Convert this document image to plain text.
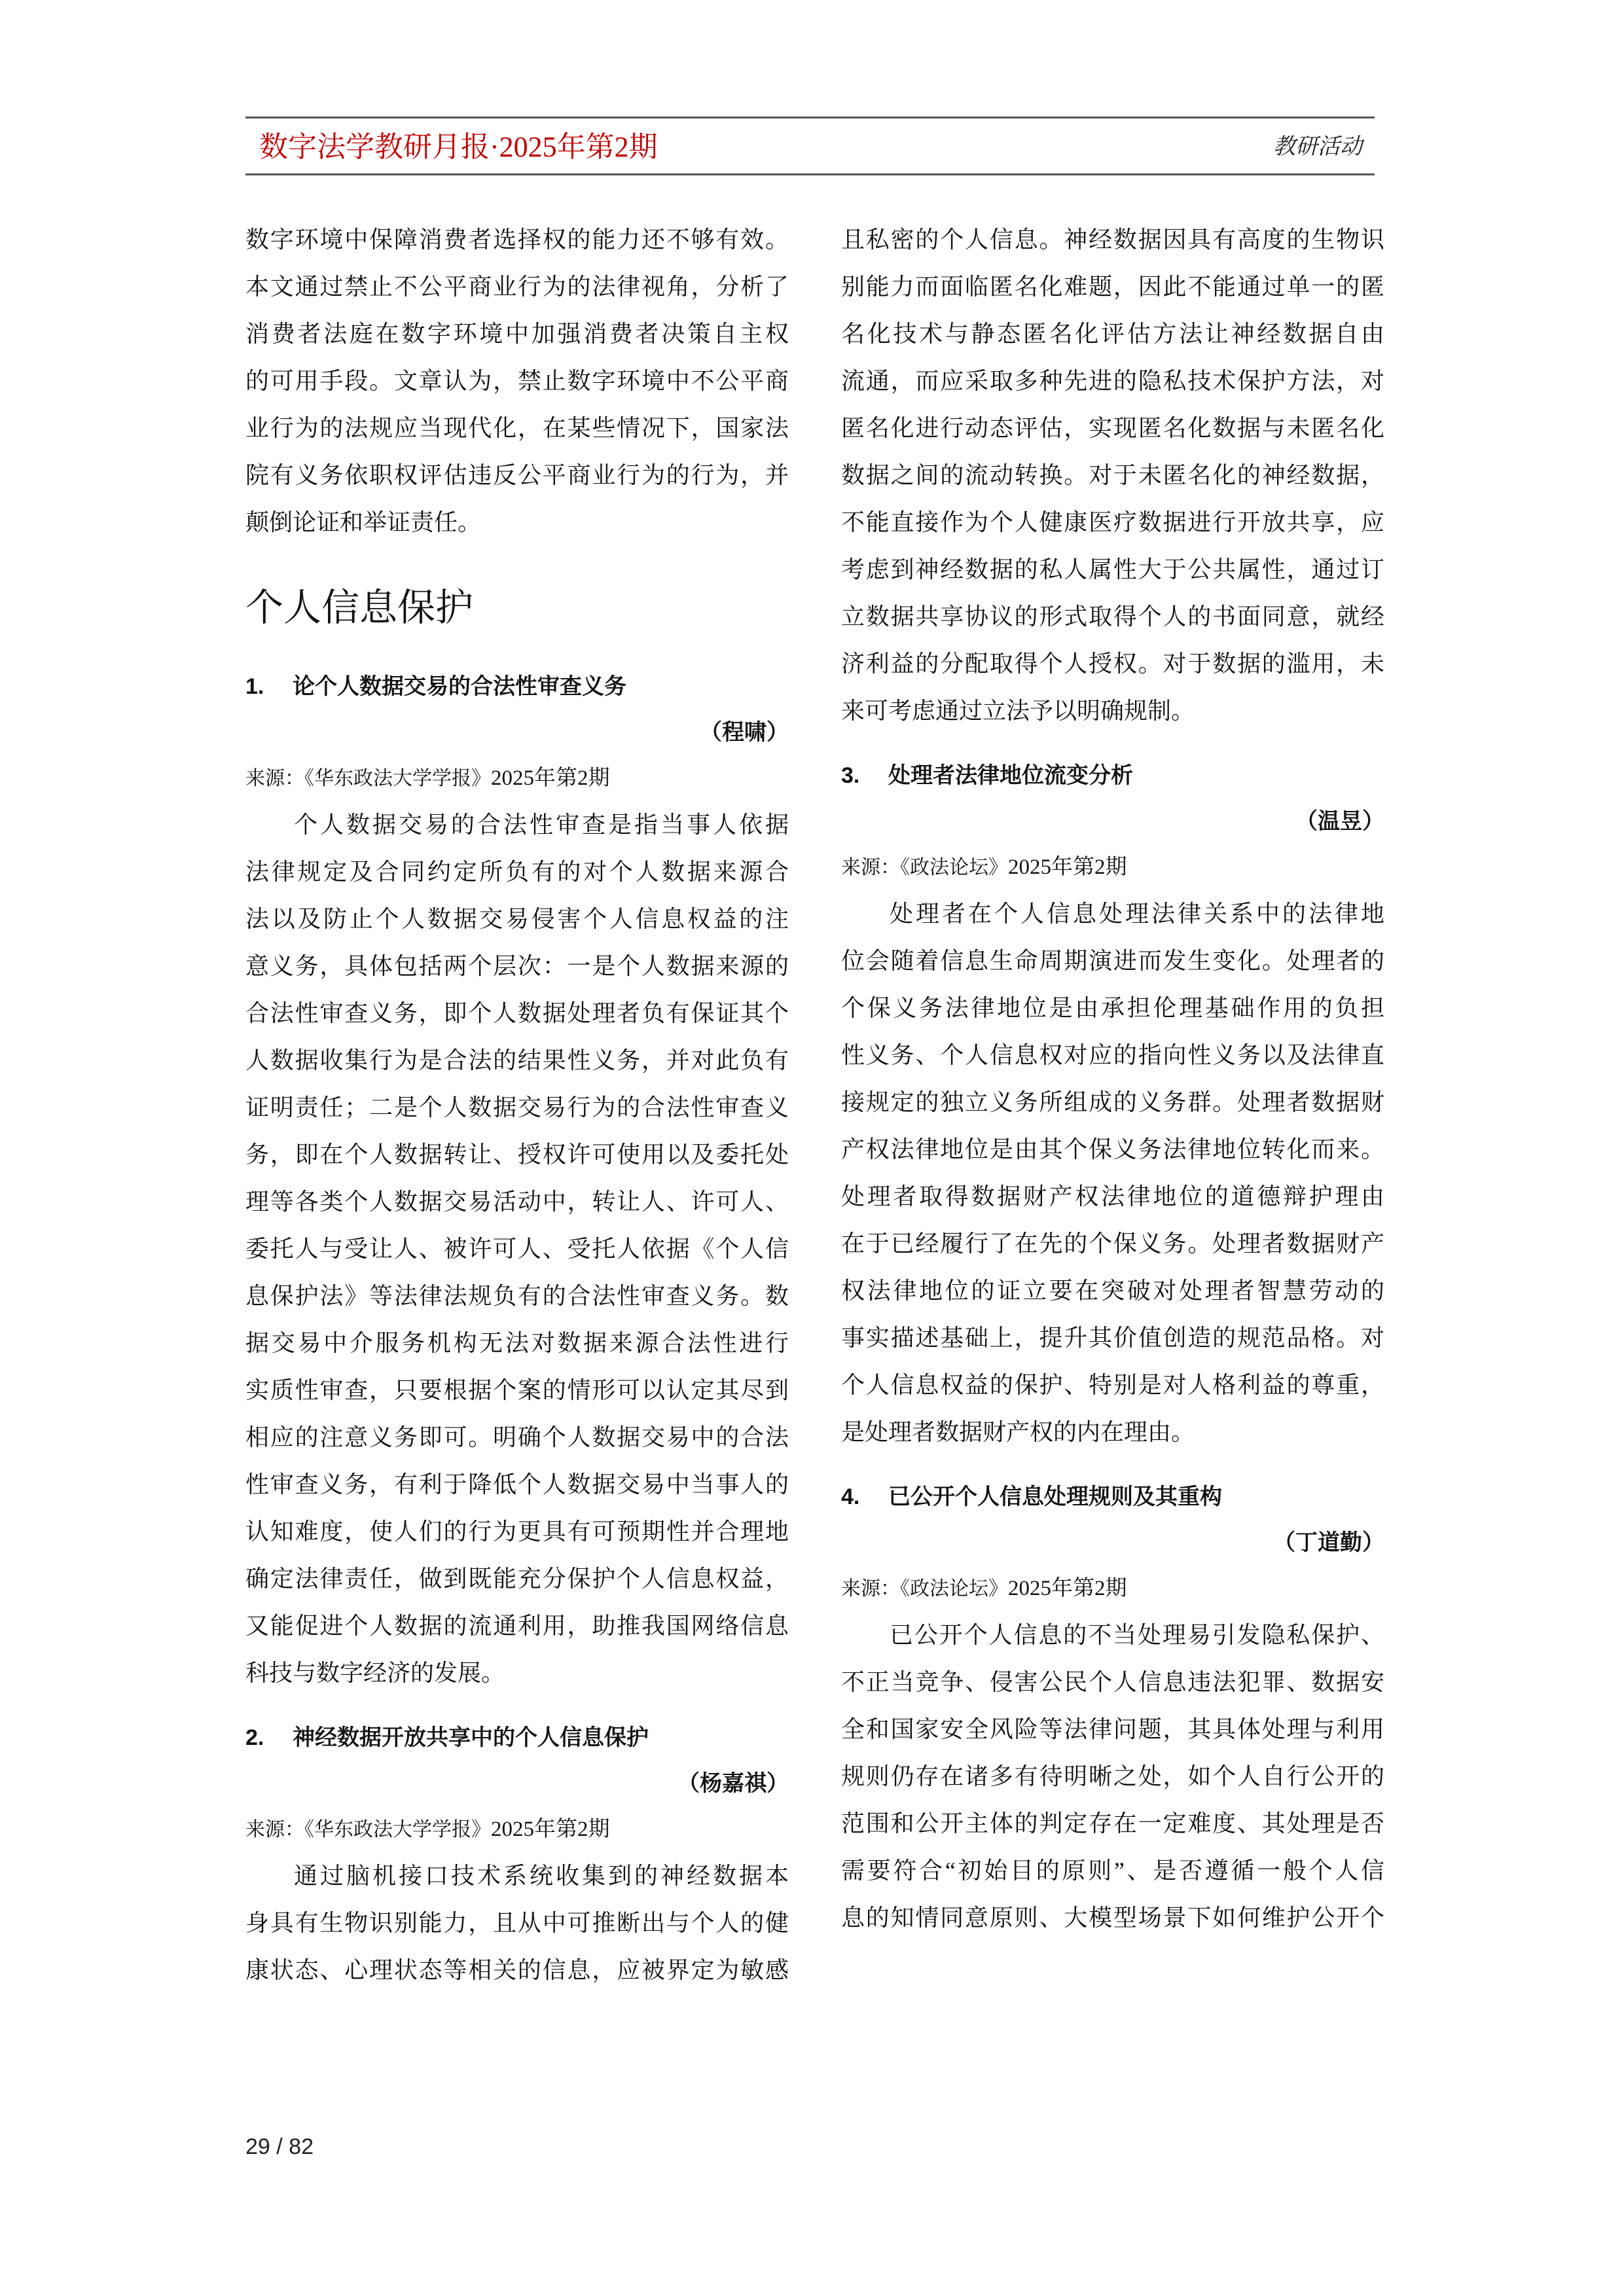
数字法学教研月报·2025年第2期	教研活动
数字环境中保障消费者选择权的能力还不够有效。
本文通过禁止不公平商业行为的法律视角，分析了
消费者法庭在数字环境中加强消费者决策自主权
的可用手段。文章认为，禁止数字环境中不公平商
业行为的法规应当现代化，在某些情况下，国家法
院有义务依职权评估违反公平商业行为的行为，并
颠倒论证和举证责任。
个人信息保护
1. 论个人数据交易的合法性审查义务
（程啸）
来源：《华东政法大学学报》2025年第2期
个人数据交易的合法性审查是指当事人依据
法律规定及合同约定所负有的对个人数据来源合
法以及防止个人数据交易侵害个人信息权益的注
意义务，具体包括两个层次：一是个人数据来源的
合法性审查义务，即个人数据处理者负有保证其个
人数据收集行为是合法的结果性义务，并对此负有
证明责任；二是个人数据交易行为的合法性审查义
务，即在个人数据转让、授权许可使用以及委托处
理等各类个人数据交易活动中，转让人、许可人、
委托人与受让人、被许可人、受托人依据《个人信
息保护法》等法律法规负有的合法性审查义务。数
据交易中介服务机构无法对数据来源合法性进行
实质性审查，只要根据个案的情形可以认定其尽到
相应的注意义务即可。明确个人数据交易中的合法
性审查义务，有利于降低个人数据交易中当事人的
认知难度，使人们的行为更具有可预期性并合理地
确定法律责任，做到既能充分保护个人信息权益，
又能促进个人数据的流通利用，助推我国网络信息
科技与数字经济的发展。
2. 神经数据开放共享中的个人信息保护
（杨嘉祺）
来源：《华东政法大学学报》2025年第2期
通过脑机接口技术系统收集到的神经数据本
身具有生物识别能力，且从中可推断出与个人的健
康状态、心理状态等相关的信息，应被界定为敏感
且私密的个人信息。神经数据因具有高度的生物识
别能力而面临匿名化难题，因此不能通过单一的匿
名化技术与静态匿名化评估方法让神经数据自由
流通，而应采取多种先进的隐私技术保护方法，对
匿名化进行动态评估，实现匿名化数据与未匿名化
数据之间的流动转换。对于未匿名化的神经数据，
不能直接作为个人健康医疗数据进行开放共享，应
考虑到神经数据的私人属性大于公共属性，通过订
立数据共享协议的形式取得个人的书面同意，就经
济利益的分配取得个人授权。对于数据的滥用，未
来可考虑通过立法予以明确规制。
3. 处理者法律地位流变分析
（温昱）
来源：《政法论坛》2025年第2期
处理者在个人信息处理法律关系中的法律地
位会随着信息生命周期演进而发生变化。处理者的
个保义务法律地位是由承担伦理基础作用的负担
性义务、个人信息权对应的指向性义务以及法律直
接规定的独立义务所组成的义务群。处理者数据财
产权法律地位是由其个保义务法律地位转化而来。
处理者取得数据财产权法律地位的道德辩护理由
在于已经履行了在先的个保义务。处理者数据财产
权法律地位的证立要在突破对处理者智慧劳动的
事实描述基础上，提升其价值创造的规范品格。对
个人信息权益的保护、特别是对人格利益的尊重，
是处理者数据财产权的内在理由。
4. 已公开个人信息处理规则及其重构
（丁道勤）
来源：《政法论坛》2025年第2期
已公开个人信息的不当处理易引发隐私保护、
不正当竞争、侵害公民个人信息违法犯罪、数据安
全和国家安全风险等法律问题，其具体处理与利用
规则仍存在诸多有待明晰之处，如个人自行公开的
范围和公开主体的判定存在一定难度、其处理是否
需要符合“初始目的原则”、是否遵循一般个人信
息的知情同意原则、大模型场景下如何维护公开个
29 / 82
